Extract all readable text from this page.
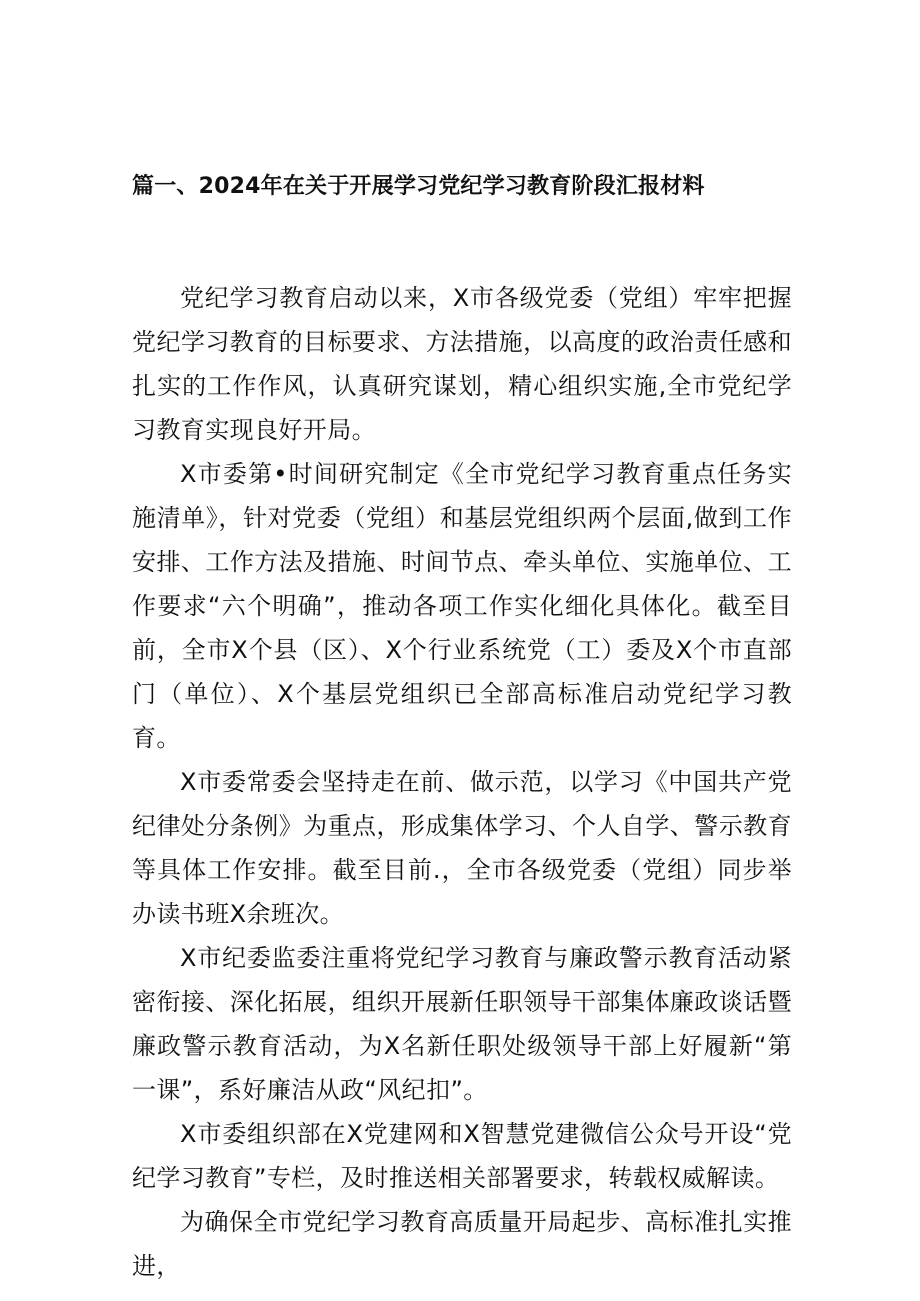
篇一、2024年在关于开展学习党纪学习教育阶段汇报材料

党纪学习教育启动以来，X市各级党委（党组）牢牢把握党纪学习教育的目标要求、方法措施，以高度的政治责任感和扎实的工作作风，认真研究谋划，精心组织实施,全市党纪学习教育实现良好开局。

X市委第•时间研究制定《全市党纪学习教育重点任务实施清单》，针对党委（党组）和基层党组织两个层面,做到工作安排、工作方法及措施、时间节点、牵头单位、实施单位、工作要求“六个明确”，推动各项工作实化细化具体化。截至目前，全市X个县（区）、X个行业系统党（工）委及X个市直部门（单位）、X个基层党组织已全部高标准启动党纪学习教育。

X市委常委会坚持走在前、做示范，以学习《中国共产党纪律处分条例》为重点，形成集体学习、个人自学、警示教育等具体工作安排。截至目前.，全市各级党委（党组）同步举办读书班X余班次。

X市纪委监委注重将党纪学习教育与廉政警示教育活动紧密衔接、深化拓展，组织开展新任职领导干部集体廉政谈话暨廉政警示教育活动，为X名新任职处级领导干部上好履新“第一课”，系好廉洁从政“风纪扣”。

X市委组织部在X党建网和X智慧党建微信公众号开设“党纪学习教育”专栏，及时推送相关部署要求，转载权威解读。

为确保全市党纪学习教育高质量开局起步、高标准扎实推进，
